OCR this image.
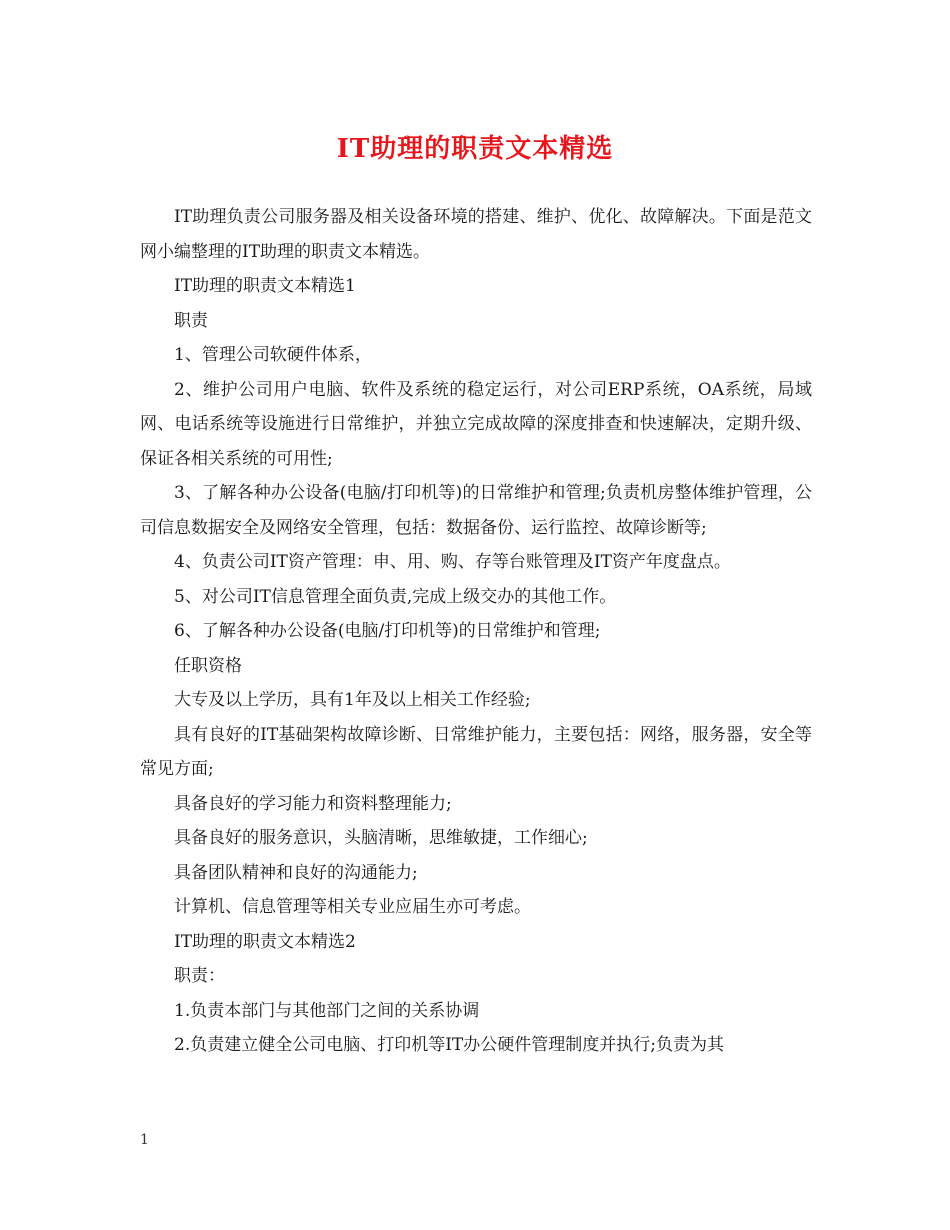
IT助理的职责文本精选

IT助理负责公司服务器及相关设备环境的搭建、维护、优化、故障解决。下面是范文网小编整理的IT助理的职责文本精选。

IT助理的职责文本精选1

职责

1、管理公司软硬件体系，

2、维护公司用户电脑、软件及系统的稳定运行，对公司ERP系统，OA系统，局域网、电话系统等设施进行日常维护，并独立完成故障的深度排查和快速解决，定期升级、保证各相关系统的可用性;

3、了解各种办公设备(电脑/打印机等)的日常维护和管理;负责机房整体维护管理，公司信息数据安全及网络安全管理，包括：数据备份、运行监控、故障诊断等;

4、负责公司IT资产管理：申、用、购、存等台账管理及IT资产年度盘点。

5、对公司IT信息管理全面负责,完成上级交办的其他工作。

6、了解各种办公设备(电脑/打印机等)的日常维护和管理;

任职资格

大专及以上学历，具有1年及以上相关工作经验;

具有良好的IT基础架构故障诊断、日常维护能力，主要包括：网络，服务器，安全等常见方面;

具备良好的学习能力和资料整理能力;

具备良好的服务意识，头脑清晰，思维敏捷，工作细心;

具备团队精神和良好的沟通能力;

计算机、信息管理等相关专业应届生亦可考虑。

IT助理的职责文本精选2

职责：

1.负责本部门与其他部门之间的关系协调

2.负责建立健全公司电脑、打印机等IT办公硬件管理制度并执行;负责为其

1
